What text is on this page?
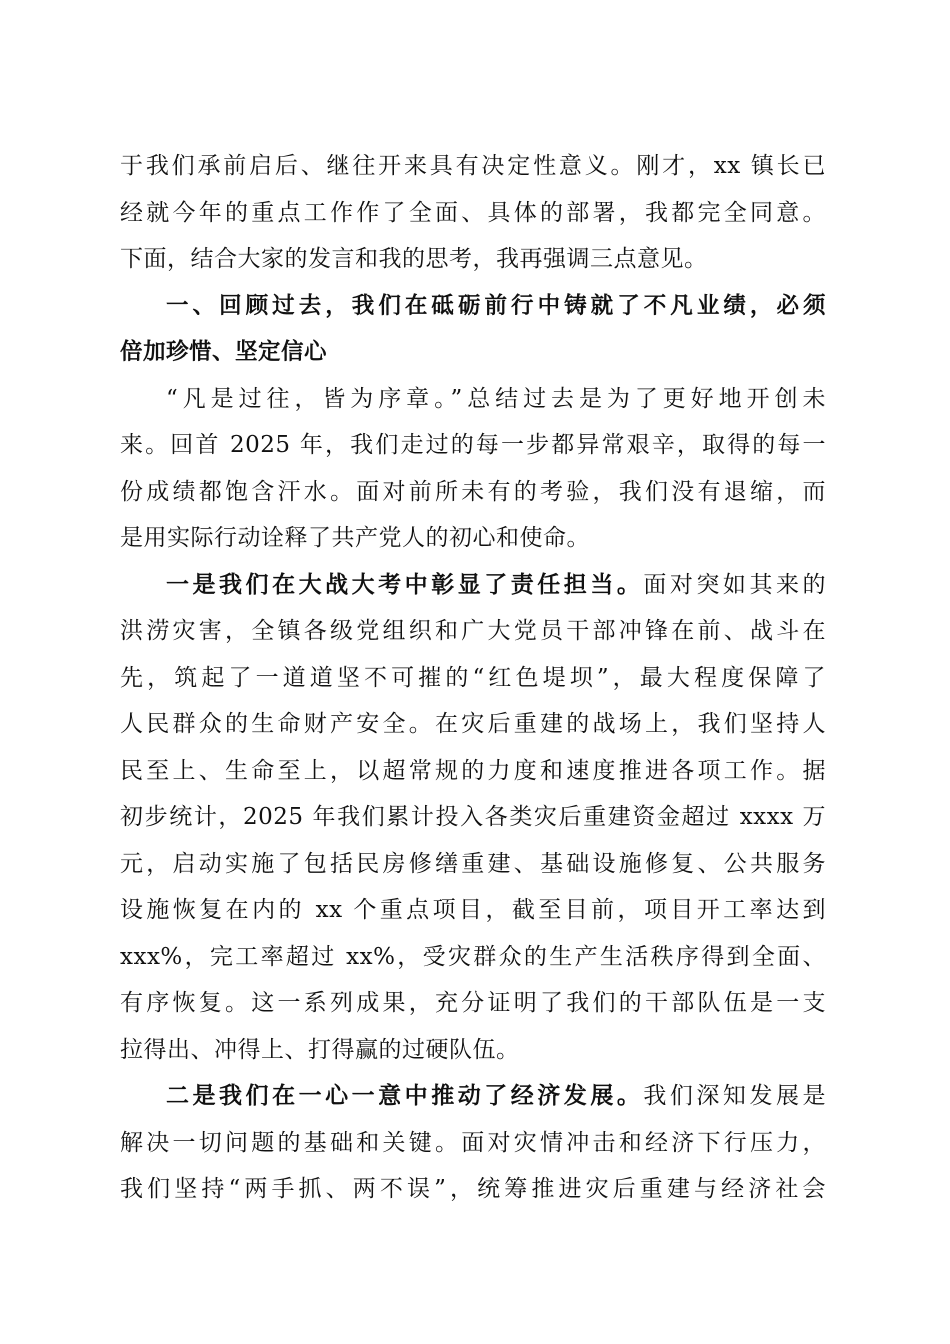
于我们承前启后、继往开来具有决定性意义。刚才，xx 镇长已
经就今年的重点工作作了全面、具体的部署，我都完全同意。
下面，结合大家的发言和我的思考，我再强调三点意见。
一、回顾过去，我们在砥砺前行中铸就了不凡业绩，必须
倍加珍惜、坚定信心
“凡是过往，皆为序章。”总结过去是为了更好地开创未
来。回首 2025 年，我们走过的每一步都异常艰辛，取得的每一
份成绩都饱含汗水。面对前所未有的考验，我们没有退缩，而
是用实际行动诠释了共产党人的初心和使命。
一是我们在大战大考中彰显了责任担当。面对突如其来的
洪涝灾害，全镇各级党组织和广大党员干部冲锋在前、战斗在
先，筑起了一道道坚不可摧的“红色堤坝”，最大程度保障了
人民群众的生命财产安全。在灾后重建的战场上，我们坚持人
民至上、生命至上，以超常规的力度和速度推进各项工作。据
初步统计，2025 年我们累计投入各类灾后重建资金超过 xxxx 万
元，启动实施了包括民房修缮重建、基础设施修复、公共服务
设施恢复在内的 xx 个重点项目，截至目前，项目开工率达到
xxx%，完工率超过 xx%，受灾群众的生产生活秩序得到全面、
有序恢复。这一系列成果，充分证明了我们的干部队伍是一支
拉得出、冲得上、打得赢的过硬队伍。
二是我们在一心一意中推动了经济发展。我们深知发展是
解决一切问题的基础和关键。面对灾情冲击和经济下行压力，
我们坚持“两手抓、两不误”，统筹推进灾后重建与经济社会
